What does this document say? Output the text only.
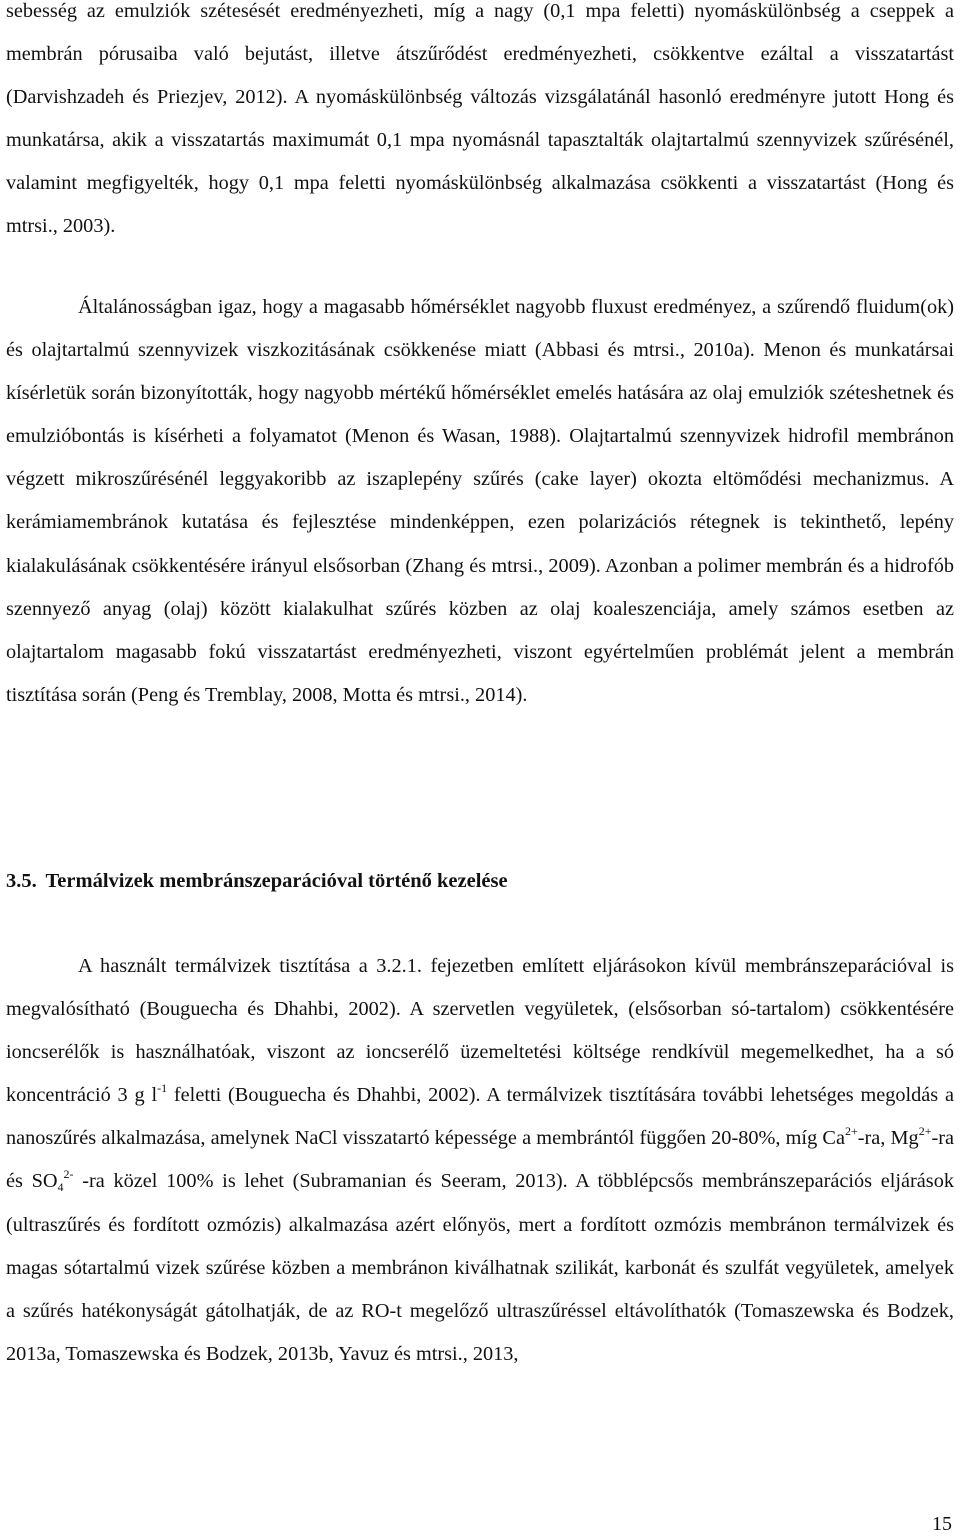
sebesség az emulziók szétesését eredményezheti, míg a nagy (0,1 mpa feletti) nyomáskülönbség a cseppek a membrán pórusaiba való bejutást, illetve átszűrődést eredményezheti, csökkentve ezáltal a visszatartást (Darvishzadeh és Priezjev, 2012). A nyomáskülönbség változás vizsgálatánál hasonló eredményre jutott Hong és munkatársa, akik a visszatartás maximumát 0,1 mpa nyomásnál tapasztalták olajtartalmú szennyvizek szűrésénél, valamint megfigyelték, hogy 0,1 mpa feletti nyomáskülönbség alkalmazása csökkenti a visszatartást (Hong és mtrsi., 2003).

Általánosságban igaz, hogy a magasabb hőmérséklet nagyobb fluxust eredményez, a szűrendő fluidum(ok) és olajtartalmú szennyvizek viszkozitásának csökkenése miatt (Abbasi és mtrsi., 2010a). Menon és munkatársai kísérletük során bizonyították, hogy nagyobb mértékű hőmérséklet emelés hatására az olaj emulziók széteshetnek és emulzióbontás is kísérheti a folyamatot (Menon és Wasan, 1988). Olajtartalmú szennyvizek hidrofil membránon végzett mikroszűrésénél leggyakoribb az iszaplepény szűrés (cake layer) okozta eltömődési mechanizmus. A kerámiamembránok kutatása és fejlesztése mindenképpen, ezen polarizációs rétegnek is tekinthető, lepény kialakulásának csökkentésére irányul elsősorban (Zhang és mtrsi., 2009). Azonban a polimer membrán és a hidrofób szennyező anyag (olaj) között kialakulhat szűrés közben az olaj koaleszenciája, amely számos esetben az olajtartalom magasabb fokú visszatartást eredményezheti, viszont egyértelműen problémát jelent a membrán tisztítása során (Peng és Tremblay, 2008, Motta és mtrsi., 2014).

3.5. Termálvizek membránszeparációval történő kezelése

A használt termálvizek tisztítása a 3.2.1. fejezetben említett eljárásokon kívül membránszeparációval is megvalósítható (Bouguecha és Dhahbi, 2002). A szervetlen vegyületek, (elsősorban só-tartalom) csökkentésére ioncserélők is használhatóak, viszont az ioncserélő üzemeltetési költsége rendkívül megemelkedhet, ha a só koncentráció 3 g $l^{-1}$ feletti (Bouguecha és Dhahbi, 2002). A termálvizek tisztítására további lehetséges megoldás a nanoszűrés alkalmazása, amelynek NaCl visszatartó képessége a membrántól függően 20-80%, míg $Ca^{2+}-ra$, $Mg^{2+}-ra$ és $SO_4^{2-}$ -ra közel 100% is lehet (Subramanian és Seeram, 2013). A többlépcsős membránszeparációs eljárások (ultraszűrés és fordított ozmózis) alkalmazása azért előnyös, mert a fordított ozmózis membránon termálvizek és magas sótartalmú vizek szűrése közben a membránon kiválhatnak szilikát, karbonát és szulfát vegyületek, amelyek a szűrés hatékonyságát gátolhatják, de az RO-t megelőző ultraszűréssel eltávolíthatók (Tomaszewska és Bodzek, 2013a, Tomaszewska és Bodzek, 2013b, Yavuz és mtrsi., 2013,

15
